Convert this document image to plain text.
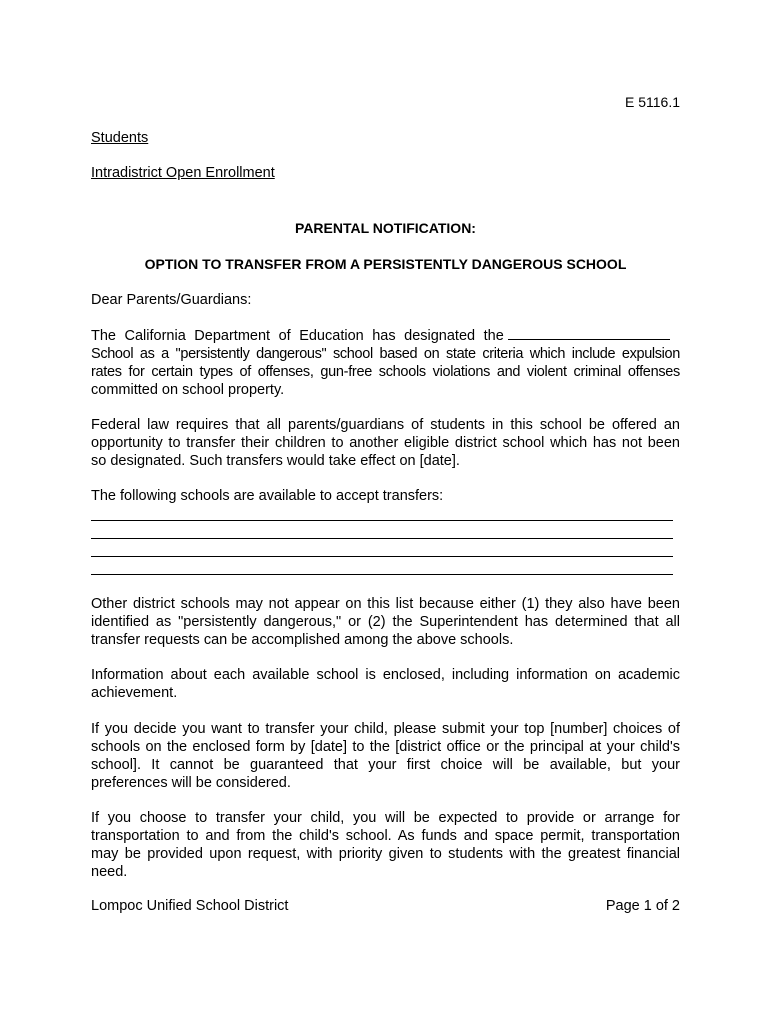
E 5116.1

Students

Intradistrict Open Enrollment

PARENTAL NOTIFICATION:

OPTION TO TRANSFER FROM A PERSISTENTLY DANGEROUS SCHOOL

Dear Parents/Guardians:

The California Department of Education has designated the
School as a "persistently dangerous" school based on state criteria which include expulsion
rates for certain types of offenses, gun-free schools violations and violent criminal offenses
committed on school property.
Federal law requires that all parents/guardians of students in this school be offered an
opportunity to transfer their children to another eligible district school which has not been
so designated. Such transfers would take effect on [date].

The following schools are available to accept transfers:

Other district schools may not appear on this list because either (1) they also have been
identified as "persistently dangerous," or (2) the Superintendent has determined that all
transfer requests can be accomplished among the above schools.
Information about each available school is enclosed, including information on academic
achievement.
If you decide you want to transfer your child, please submit your top [number] choices of
schools on the enclosed form by [date] to the [district office or the principal at your child's
school]. It cannot be guaranteed that your first choice will be available, but your
preferences will be considered.
If you choose to transfer your child, you will be expected to provide or arrange for
transportation to and from the child's school. As funds and space permit, transportation
may be provided upon request, with priority given to students with the greatest financial
need.

Lompoc Unified School District	Page 1 of 2
